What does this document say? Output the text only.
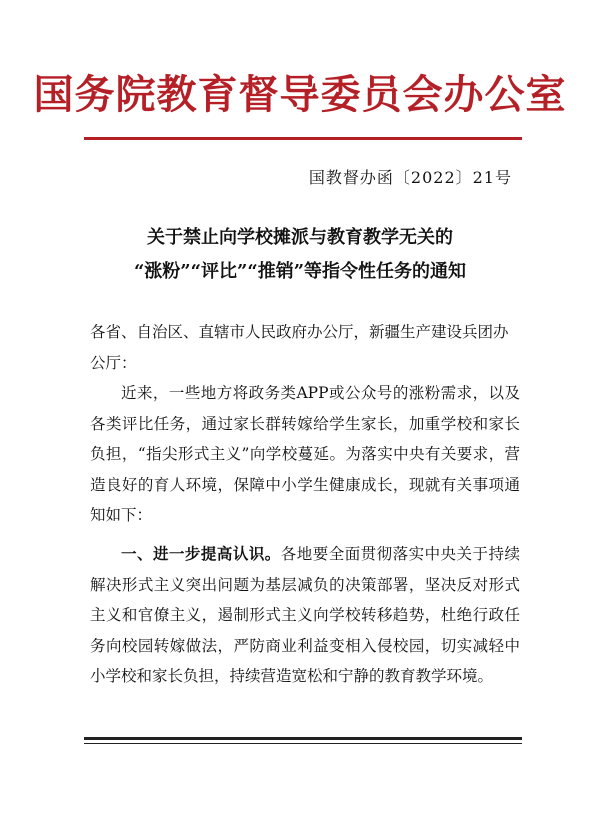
国务院教育督导委员会办公室
国教督办函〔2022〕21号
关于禁止向学校摊派与教育教学无关的
“涨粉”“评比”“推销”等指令性任务的通知
各省、自治区、直辖市人民政府办公厅，新疆生产建设兵团办公厅：
近来，一些地方将政务类APP或公众号的涨粉需求，以及各类评比任务，通过家长群转嫁给学生家长，加重学校和家长负担，“指尖形式主义”向学校蔓延。为落实中央有关要求，营造良好的育人环境，保障中小学生健康成长，现就有关事项通知如下：
一、进一步提高认识。各地要全面贯彻落实中央关于持续解决形式主义突出问题为基层减负的决策部署，坚决反对形式主义和官僚主义，遏制形式主义向学校转移趋势，杜绝行政任务向校园转嫁做法，严防商业利益变相入侵校园，切实减轻中小学校和家长负担，持续营造宽松和宁静的教育教学环境。
